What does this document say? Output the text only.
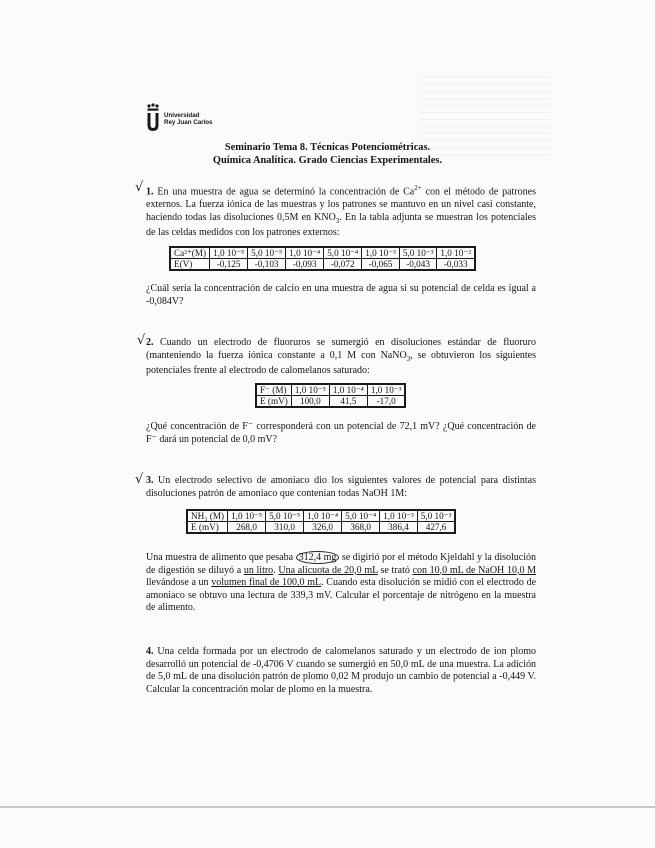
Universidad
Rey Juan Carlos
Seminario Tema 8. Técnicas Potenciométricas.
Química Analítica. Grado Ciencias Experimentales.
√ 1. En una muestra de agua se determinó la concentración de $Ca^{2+}$ con el método de patrones externos. La fuerza iónica de las muestras y los patrones se mantuvo en un nivel casi constante, haciendo todas las disoluciones 0,5M en $KNO_3$. En la tabla adjunta se muestran los potenciales de las celdas medidos con los patrones externos:

Ca²⁺(M)	1,0 10⁻⁵	5,0 10⁻⁵	1,0 10⁻⁴	5,0 10⁻⁴	1,0 10⁻³	5,0 10⁻³	1,0 10⁻²
E(V)	-0,125	-0,103	-0,093	-0,072	-0,065	-0,043	-0,033

¿Cuál sería la concentración de calcio en una muestra de agua si su potencial de celda es igual a -0,084V?

√ 2. Cuando un electrodo de fluoruros se sumergió en disoluciones estándar de fluoruro (manteniendo la fuerza iónica constante a 0,1 M con NaNO$_3$, se obtuvieron los siguientes potenciales frente al electrodo de calomelanos saturado:

F⁻ (M)	1,0 10⁻⁵	1,0 10⁻⁴	1,0 10⁻³
E (mV)	100,0	41,5	-17,0

¿Qué concentración de F⁻ corresponderá con un potencial de 72,1 mV? ¿Qué concentración de F⁻ dará un potencial de 0,0 mV?

√ 3. Un electrodo selectivo de amoniaco dio los siguientes valores de potencial para distintas disoluciones patrón de amoniaco que contenían todas NaOH 1M:

NH₃ (M)	1,0 10⁻⁵	5,0 10⁻⁵	1,0 10⁻⁴	5,0 10⁻⁴	1,0 10⁻³	5,0 10⁻³
E (mV)	268,0	310,0	326,0	368,0	386,4	427,6

Una muestra de alimento que pesaba 312,4 mg se digirió por el método Kjeldahl y la disolución de digestión se diluyó a un litro. Una alicuota de 20,0 mL se trató con 10,0 mL de NaOH 10,0 M llevándose a un volumen final de 100,0 mL. Cuando esta disolución se midió con el electrodo de amoniaco se obtuvo una lectura de 339,3 mV. Calcular el porcentaje de nitrógeno en la muestra de alimento.

4. Una celda formada por un electrodo de calomelanos saturado y un electrodo de ion plomo desarrolló un potencial de -0,4706 V cuando se sumergió en 50,0 mL de una muestra. La adición de 5,0 mL de una disolución patrón de plomo 0,02 M produjo un cambio de potencial a -0,449 V. Calcular la concentración molar de plomo en la muestra.
